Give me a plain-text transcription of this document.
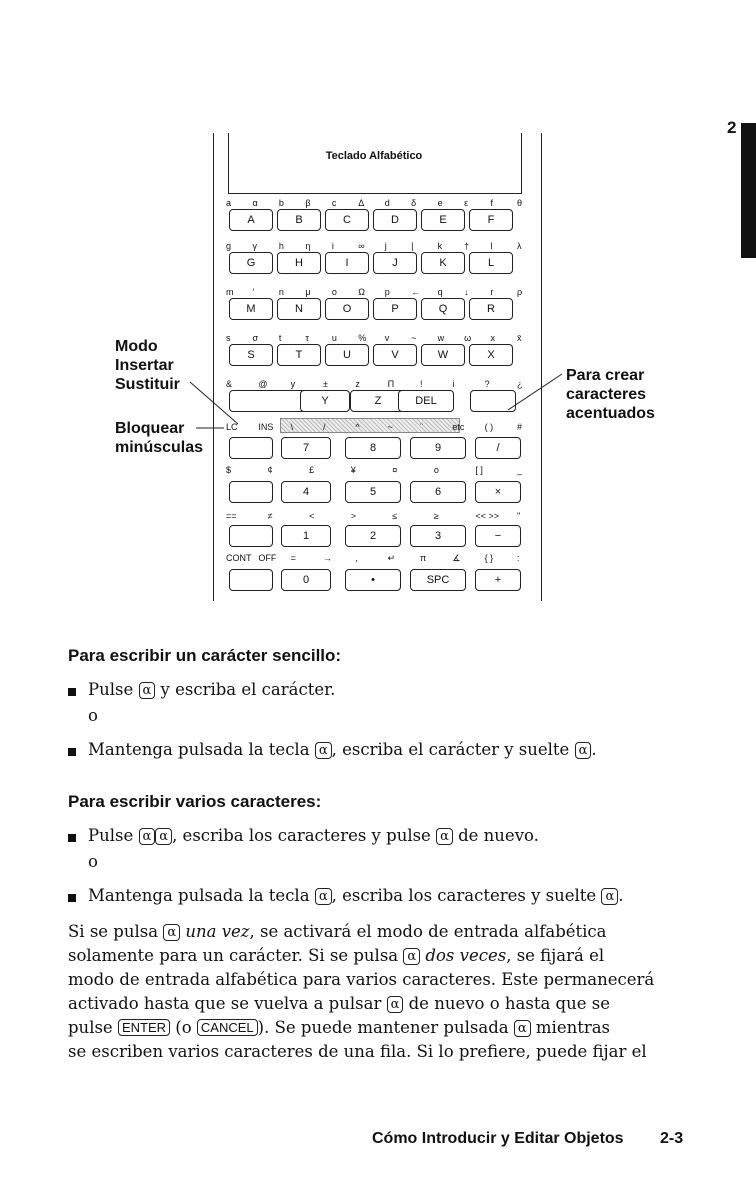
2
Teclado Alfabético
A	B	C	D	E	F
a α b β c Δ d δ e ε f	θ
G	H	I	J	K	L
g γ h η i	∞ j	|	k † l	λ
M	N	O	P	Q	R
m '	n μ o Ω p ← q ↓ r	ρ
S	T	U	V	W	X
s σ t	τ	u % v ~ w ω x x̄
Y	Z	DEL
&	@	y	±	z	Π	!	i	?	¿
7	8	9	/
LC INS \	/	^	~	¨	etc ( )	#
4	5	6	×
$	¢	£	¥	¤	o	[ ]	_
1	2	3	−
==	≠	<	>	≤	≥	<< >> "
0	•	SPC	+
CONT OFF =	→	,	↵	π	∡	{ }	:
Modo
Insertar
Sustituir
Bloquear
minúsculas
Para crear
caracteres
acentuados
Para escribir un carácter sencillo:
Pulse α y escriba el carácter.
o
Mantenga pulsada la tecla α , escriba el carácter y suelte α .
Para escribir varios caracteres:
Pulse α α , escriba los caracteres y pulse α de nuevo.
o
Mantenga pulsada la tecla α , escriba los caracteres y suelte α .
Si se pulsa α una vez, se activará el modo de entrada alfabética
solamente para un carácter. Si se pulsa α dos veces, se fijará el
modo de entrada alfabética para varios caracteres. Este permanecerá
activado hasta que se vuelva a pulsar α de nuevo o hasta que se
pulse ENTER (o CANCEL ). Se puede mantener pulsada α mientras
se escriben varios caracteres de una fila. Si lo prefiere, puede fijar el
Cómo Introducir y Editar Objetos 2-3
